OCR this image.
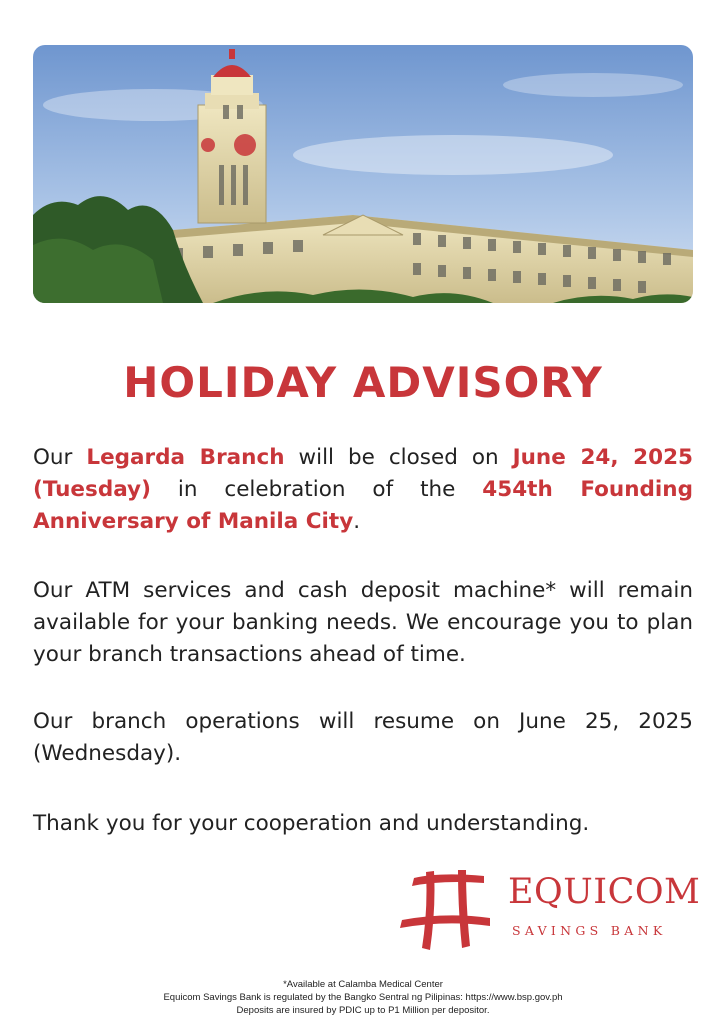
HOLIDAY ADVISORY

Our Legarda Branch will be closed on June 24, 2025 (Tuesday) in celebration of the 454th Founding Anniversary of Manila City.

Our ATM services and cash deposit machine* will remain available for your banking needs. We encourage you to plan your branch transactions ahead of time.

Our branch operations will resume on June 25, 2025 (Wednesday).

Thank you for your cooperation and understanding.

EQUICOM
SAVINGS BANK
*Available at Calamba Medical Center
Equicom Savings Bank is regulated by the Bangko Sentral ng Pilipinas: https://www.bsp.gov.ph
Deposits are insured by PDIC up to P1 Million per depositor.
